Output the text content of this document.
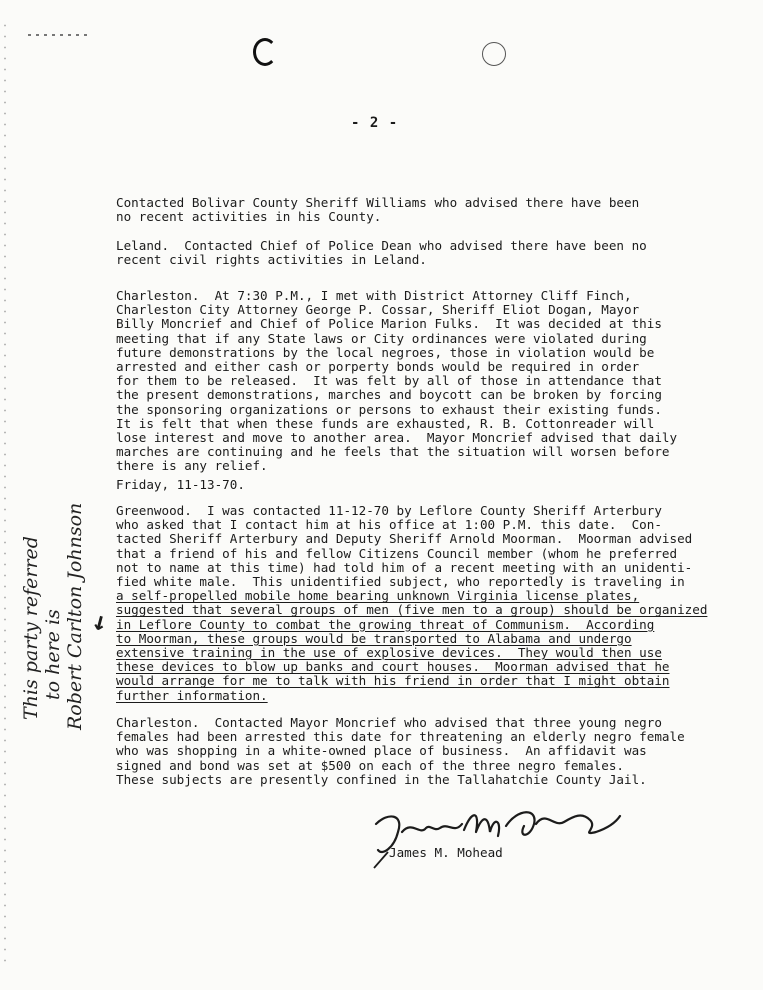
- 2 -
Contacted Bolivar County Sheriff Williams who advised there have been
no recent activities in his County.
Leland.  Contacted Chief of Police Dean who advised there have been no
recent civil rights activities in Leland.
Charleston.  At 7:30 P.M., I met with District Attorney Cliff Finch,
Charleston City Attorney George P. Cossar, Sheriff Eliot Dogan, Mayor
Billy Moncrief and Chief of Police Marion Fulks.  It was decided at this
meeting that if any State laws or City ordinances were violated during
future demonstrations by the local negroes, those in violation would be
arrested and either cash or porperty bonds would be required in order
for them to be released.  It was felt by all of those in attendance that
the present demonstrations, marches and boycott can be broken by forcing
the sponsoring organizations or persons to exhaust their existing funds.
It is felt that when these funds are exhausted, R. B. Cottonreader will
lose interest and move to another area.  Mayor Moncrief advised that daily
marches are continuing and he feels that the situation will worsen before
there is any relief.
Friday, 11-13-70.
Greenwood.  I was contacted 11-12-70 by Leflore County Sheriff Arterbury
who asked that I contact him at his office at 1:00 P.M. this date.  Con-
tacted Sheriff Arterbury and Deputy Sheriff Arnold Moorman.  Moorman advised
that a friend of his and fellow Citizens Council member (whom he preferred
not to name at this time) had told him of a recent meeting with an unidenti-
fied white male.  This unidentified subject, who reportedly is traveling in
a self-propelled mobile home bearing unknown Virginia license plates,
suggested that several groups of men (five men to a group) should be organized
in Leflore County to combat the growing threat of Communism.  According
to Moorman, these groups would be transported to Alabama and undergo
extensive training in the use of explosive devices.  They would then use
these devices to blow up banks and court houses.  Moorman advised that he
would arrange for me to talk with his friend in order that I might obtain
further information.
Charleston.  Contacted Mayor Moncrief who advised that three young negro
females had been arrested this date for threatening an elderly negro female
who was shopping in a white-owned place of business.  An affidavit was
signed and bond was set at $500 on each of the three negro females.
These subjects are presently confined in the Tallahatchie County Jail.
This party referred to here is Robert Carlton Johnson ↓
James M. Mohead
